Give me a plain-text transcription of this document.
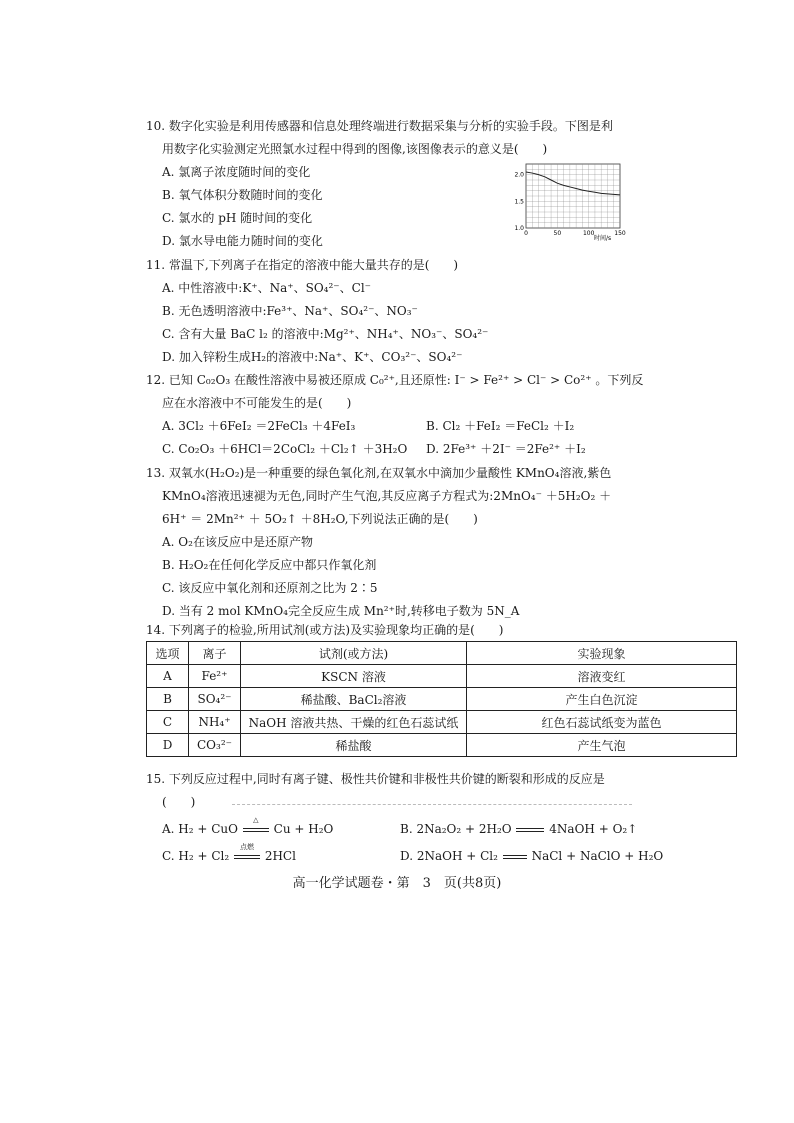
10. 数字化实验是利用传感器和信息处理终端进行数据采集与分析的实验手段。下图是利
用数字化实验测定光照氯水过程中得到的图像,该图像表示的意义是(　　)
A. 氯离子浓度随时间的变化
B. 氧气体积分数随时间的变化
C. 氯水的 pH 随时间的变化
D. 氯水导电能力随时间的变化
0	50	100	150
1.0
1.5
2.0
时间/s
11. 常温下,下列离子在指定的溶液中能大量共存的是(　　)
A. 中性溶液中:K⁺、Na⁺、SO₄²⁻、Cl⁻
B. 无色透明溶液中:Fe³⁺、Na⁺、SO₄²⁻、NO₃⁻
C. 含有大量 BaC l₂ 的溶液中:Mg²⁺、NH₄⁺、NO₃⁻、SO₄²⁻
D. 加入锌粉生成H₂的溶液中:Na⁺、K⁺、CO₃²⁻、SO₄²⁻
12. 已知 C₀₂O₃ 在酸性溶液中易被还原成 C₀²⁺,且还原性: I⁻ > Fe²⁺ > Cl⁻ > Co²⁺ 。下列反
应在水溶液中不可能发生的是(　　)
A. 3Cl₂ ＋6FeI₂ ＝2FeCl₃ ＋4FeI₃	B. Cl₂ ＋FeI₂ ＝FeCl₂ ＋I₂
C. Co₂O₃ ＋6HCl＝2CoCl₂ ＋Cl₂↑ ＋3H₂O D. 2Fe³⁺ ＋2I⁻ ＝2Fe²⁺ ＋I₂
13. 双氧水(H₂O₂)是一种重要的绿色氧化剂,在双氧水中滴加少量酸性 KMnO₄溶液,紫色
KMnO₄溶液迅速褪为无色,同时产生气泡,其反应离子方程式为:2MnO₄⁻ ＋5H₂O₂ ＋
6H⁺ ＝ 2Mn²⁺ ＋ 5O₂↑ ＋8H₂O,下列说法正确的是(　　)
A. O₂在该反应中是还原产物
B. H₂O₂在任何化学反应中都只作氧化剂
C. 该反应中氧化剂和还原剂之比为 2∶5
D. 当有 2 mol KMnO₄完全反应生成 Mn²⁺时,转移电子数为 5N_A
14. 下列离子的检验,所用试剂(或方法)及实验现象均正确的是(　　)
选项	离子	试剂(或方法)	实验现象
A	Fe²⁺	KSCN 溶液	溶液变红
B	SO₄²⁻	稀盐酸、BaCl₂溶液	产生白色沉淀
C	NH₄⁺	NaOH 溶液共热、干燥的红色石蕊试纸	红色石蕊试纸变为蓝色
D	CO₃²⁻	稀盐酸	产生气泡
15. 下列反应过程中,同时有离子键、极性共价键和非极性共价键的断裂和形成的反应是
(　　)
A. H₂ + CuO
△
Cu + H₂O	B. 2Na₂O₂ + 2H₂O	4NaOH + O₂↑
C. H₂ + Cl₂
点燃
2HCl	D. 2NaOH + Cl₂	NaCl + NaClO + H₂O
高一化学试题卷・第　3　页(共8页)
